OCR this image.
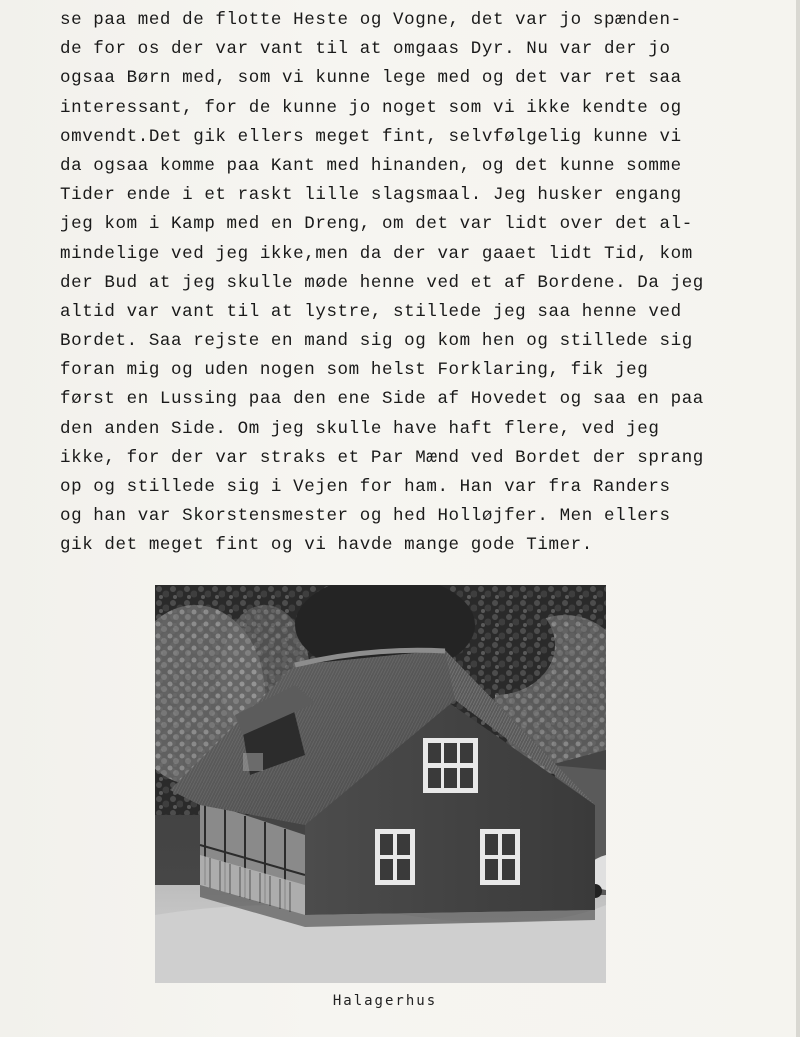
se paa med de flotte Heste og Vogne, det var jo spænden-
de for os der var vant til at omgaas Dyr. Nu var der jo
ogsaa Børn med, som vi kunne lege med og det var ret saa
interessant, for de kunne jo noget som vi ikke kendte og
omvendt.Det gik ellers meget fint, selvfølgelig kunne vi
da ogsaa komme paa Kant med hinanden, og det kunne somme
Tider ende i et raskt lille slagsmaal. Jeg husker engang
jeg kom i Kamp med en Dreng, om det var lidt over det al-
mindelige ved jeg ikke,men da der var gaaet lidt Tid, kom
der Bud at jeg skulle møde henne ved et af Bordene. Da jeg
altid var vant til at lystre, stillede jeg saa henne ved
Bordet. Saa rejste en mand sig og kom hen og stillede sig
foran mig og uden nogen som helst Forklaring, fik jeg
først en Lussing paa den ene Side af Hovedet og saa en paa
den anden Side. Om jeg skulle have haft flere, ved jeg
ikke, for der var straks et Par Mænd ved Bordet der sprang
op og stillede sig i Vejen for ham. Han var fra Randers
og han var Skorstensmester og hed Holløjfer. Men ellers
gik det meget fint og vi havde mange gode Timer.
Halagerhus
